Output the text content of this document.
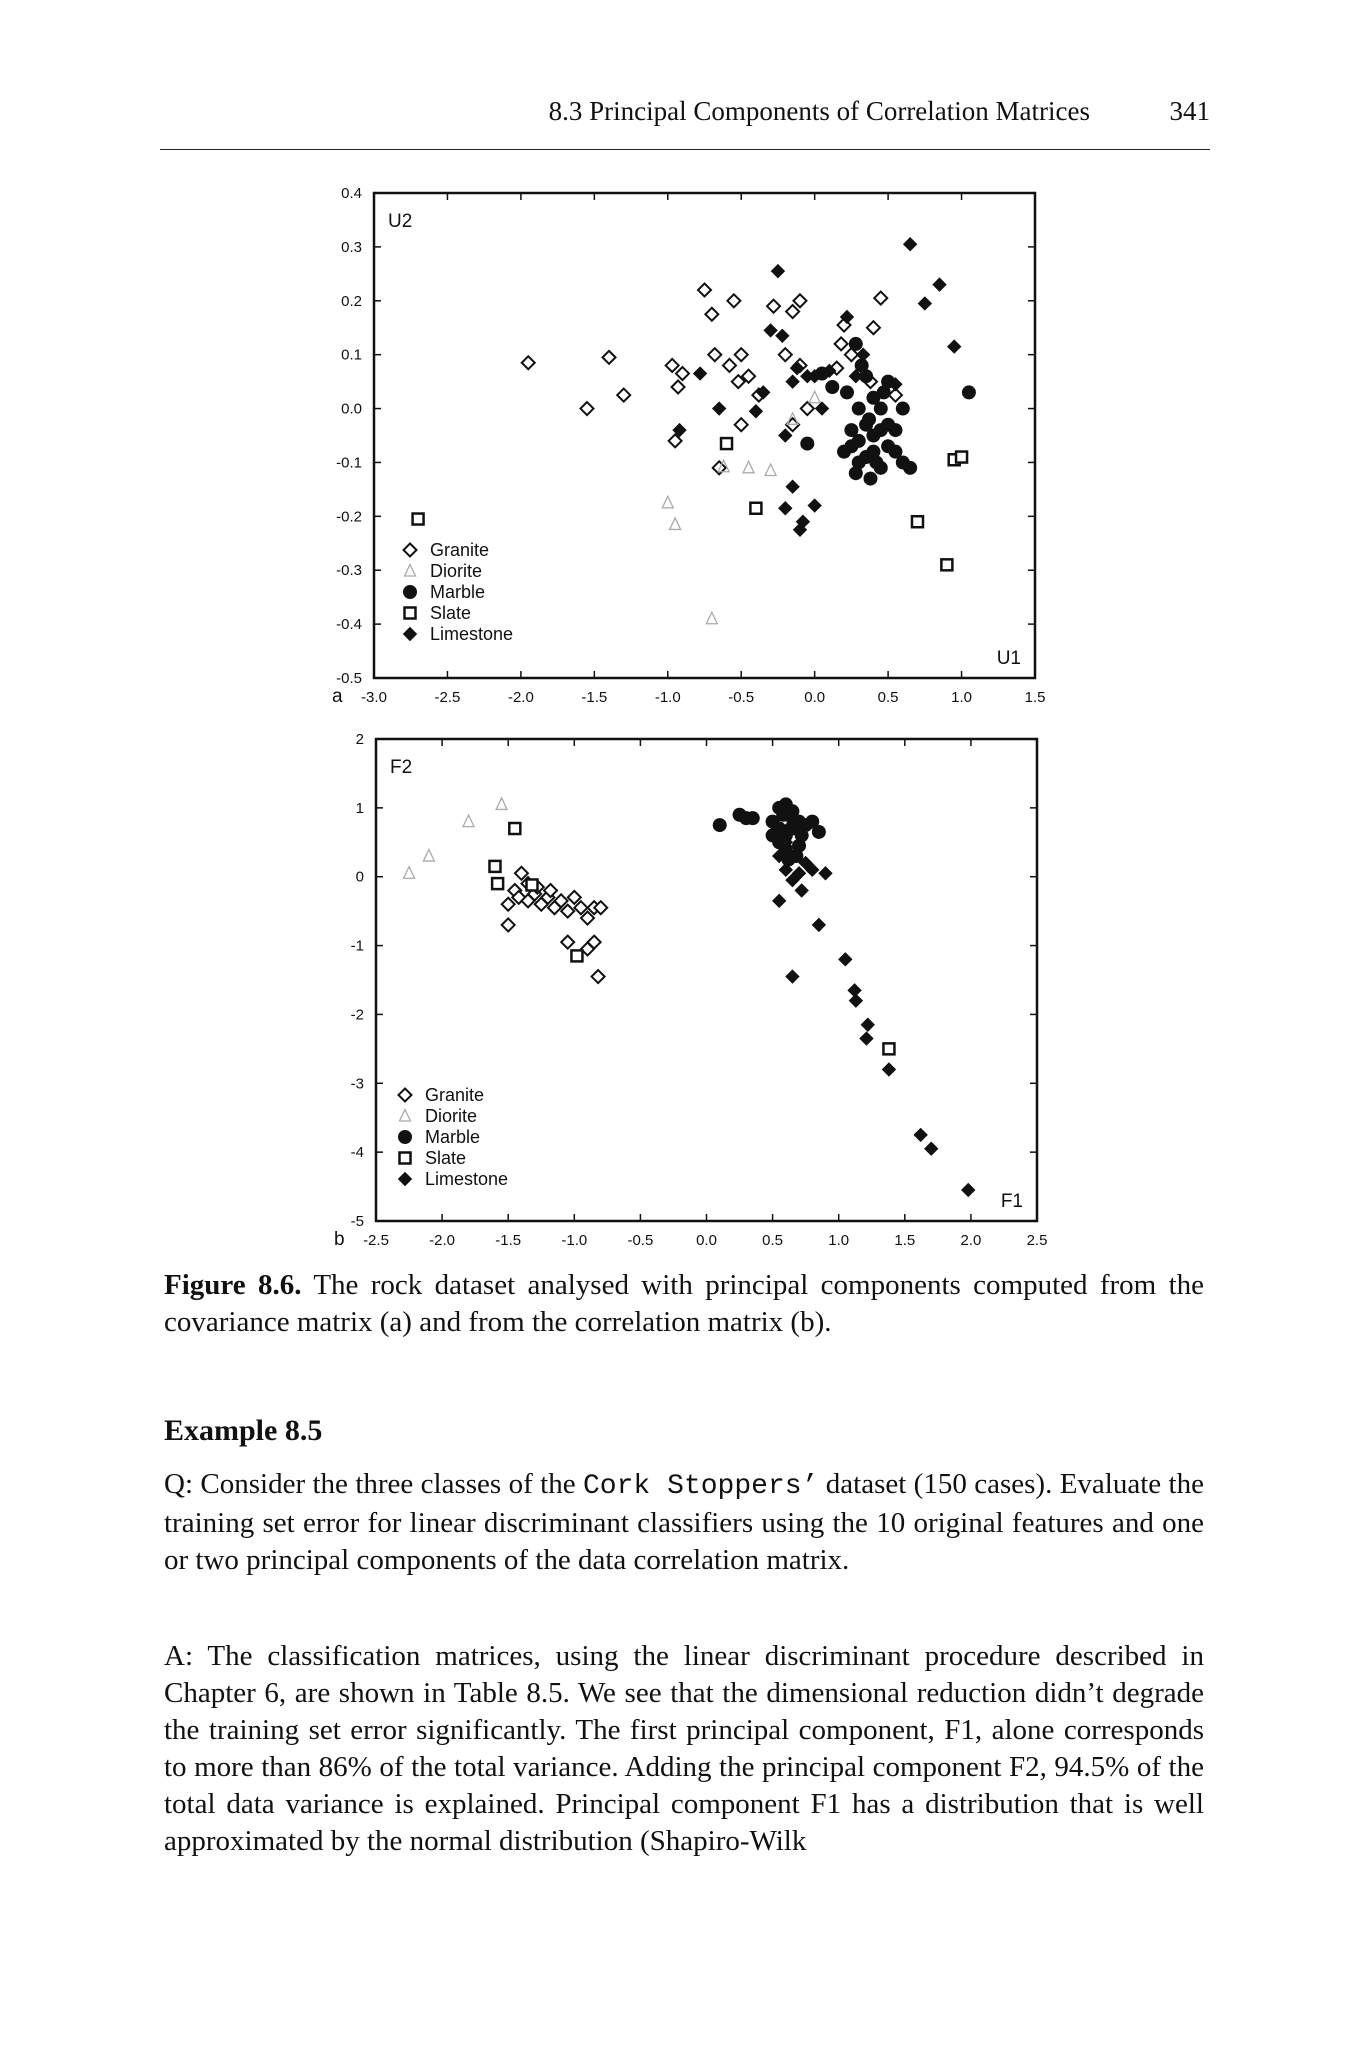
8.3 Principal Components of Correlation Matrices	341
-3.0	-2.5	-2.0	-1.5	-1.0	-0.5	0.0	0.5	1.0	1.5
0.4
0.3
0.2
0.1
0.0
-0.1
-0.2
-0.3
-0.4
-0.5
a
U2
U1
Granite
Diorite
Marble
Slate
Limestone
-2.5	-2.0	-1.5	-1.0	-0.5	0.0	0.5	1.0	1.5	2.0	2.5
2
1
0
-1
-2
-3
-4
-5
b
F2
F1
Granite
Diorite
Marble
Slate
Limestone
Figure 8.6. The rock dataset analysed with principal components computed from the covariance matrix (a) and from the correlation matrix (b).
Example 8.5
Q: Consider the three classes of the Cork Stoppers’ dataset (150 cases). Evaluate the training set error for linear discriminant classifiers using the 10 original features and one or two principal components of the data correlation matrix.
A: The classification matrices, using the linear discriminant procedure described in Chapter 6, are shown in Table 8.5. We see that the dimensional reduction didn’t degrade the training set error significantly. The first principal component, F1, alone corresponds to more than 86% of the total variance. Adding the principal component F2, 94.5% of the total data variance is explained. Principal component F1 has a distribution that is well approximated by the normal distribution (Shapiro-Wilk
